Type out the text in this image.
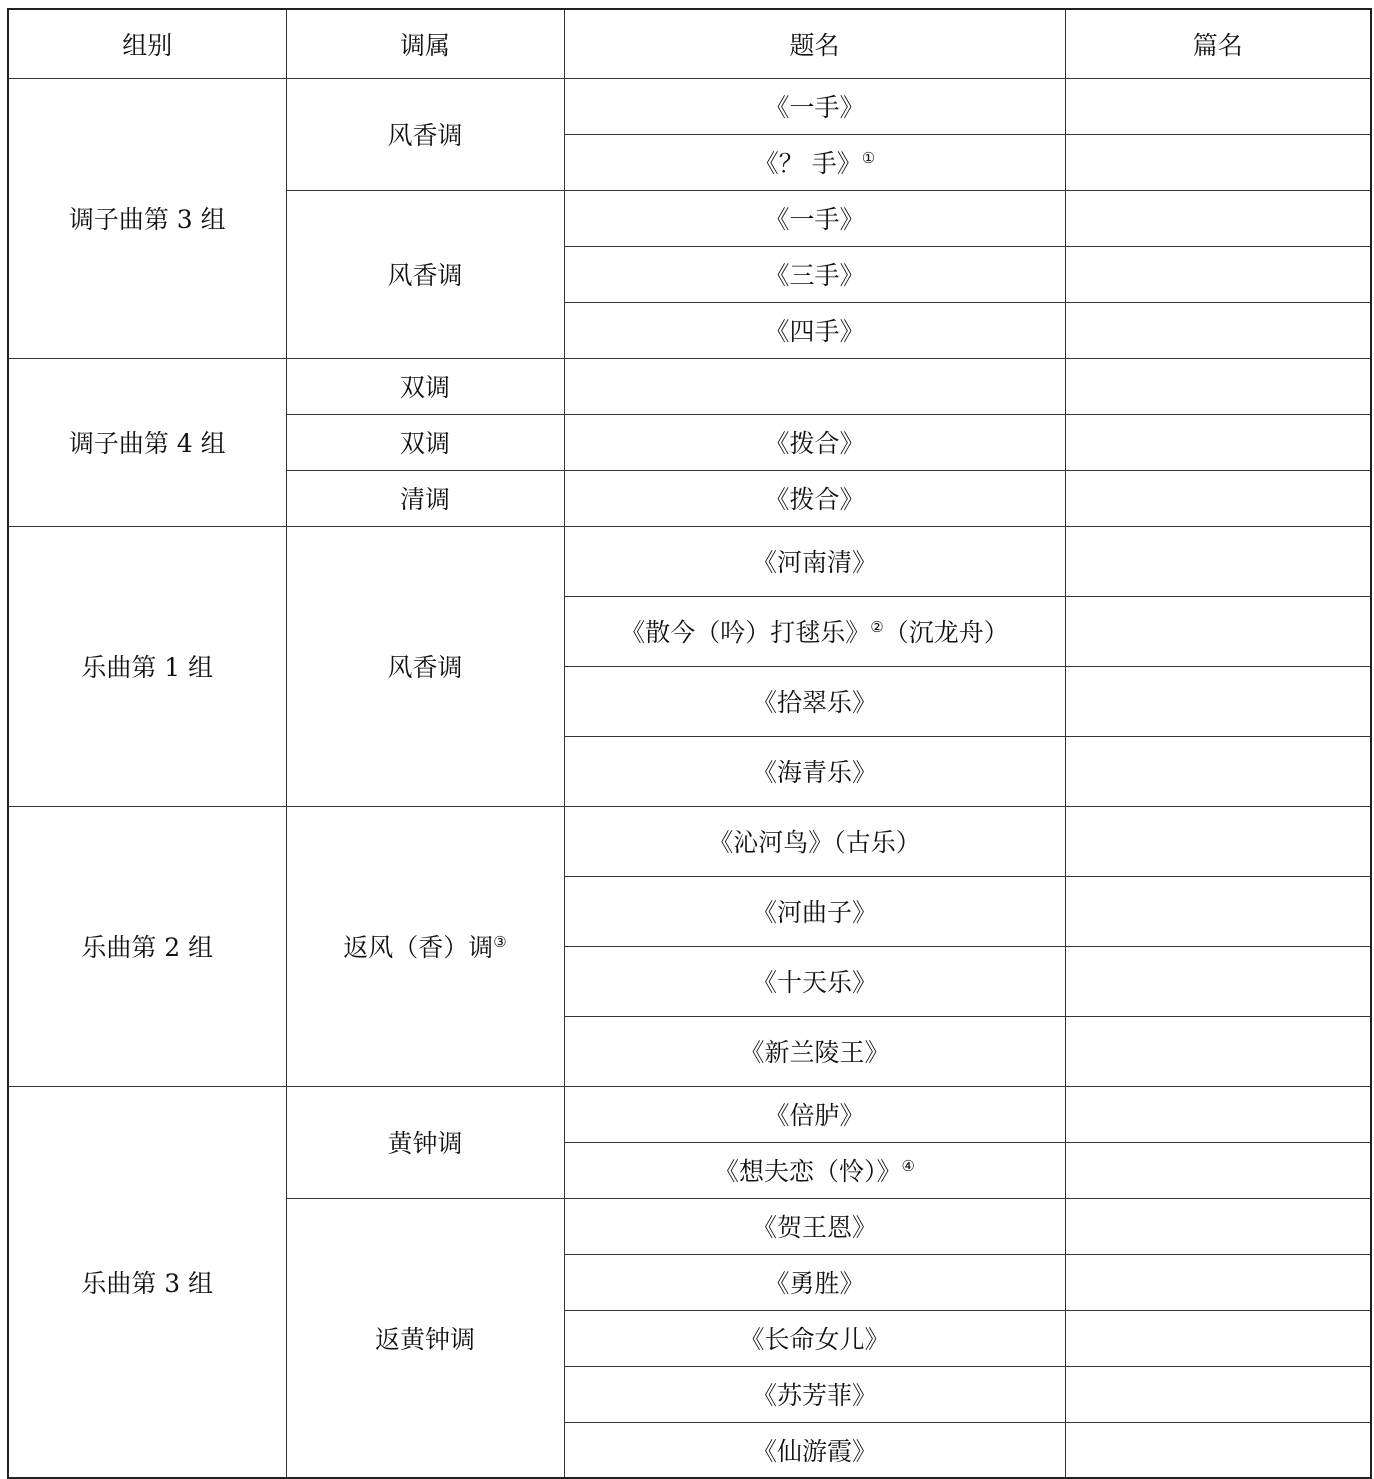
组别	调属	题名	篇名
调子曲第 3 组	风香调	《一手》	
		《？ 手》①	
	风香调	《一手》	
		《三手》	
		《四手》	
调子曲第 4 组	双调		
	双调	《拨合》	
	清调	《拨合》	
乐曲第 1 组	风香调	《河南清》	
		《散今（吟）打毬乐》②（沉龙舟）	
		《拾翠乐》	
		《海青乐》	
乐曲第 2 组	返风（香）调③	《沁河鸟》（古乐）	
		《河曲子》	
		《十天乐》	
		《新兰陵王》	
乐曲第 3 组	黄钟调	《倍胪》	
		《想夫恋（怜）》④	
	返黄钟调	《贺王恩》	
		《勇胜》	
		《长命女儿》	
		《苏芳菲》	
		《仙游霞》	
